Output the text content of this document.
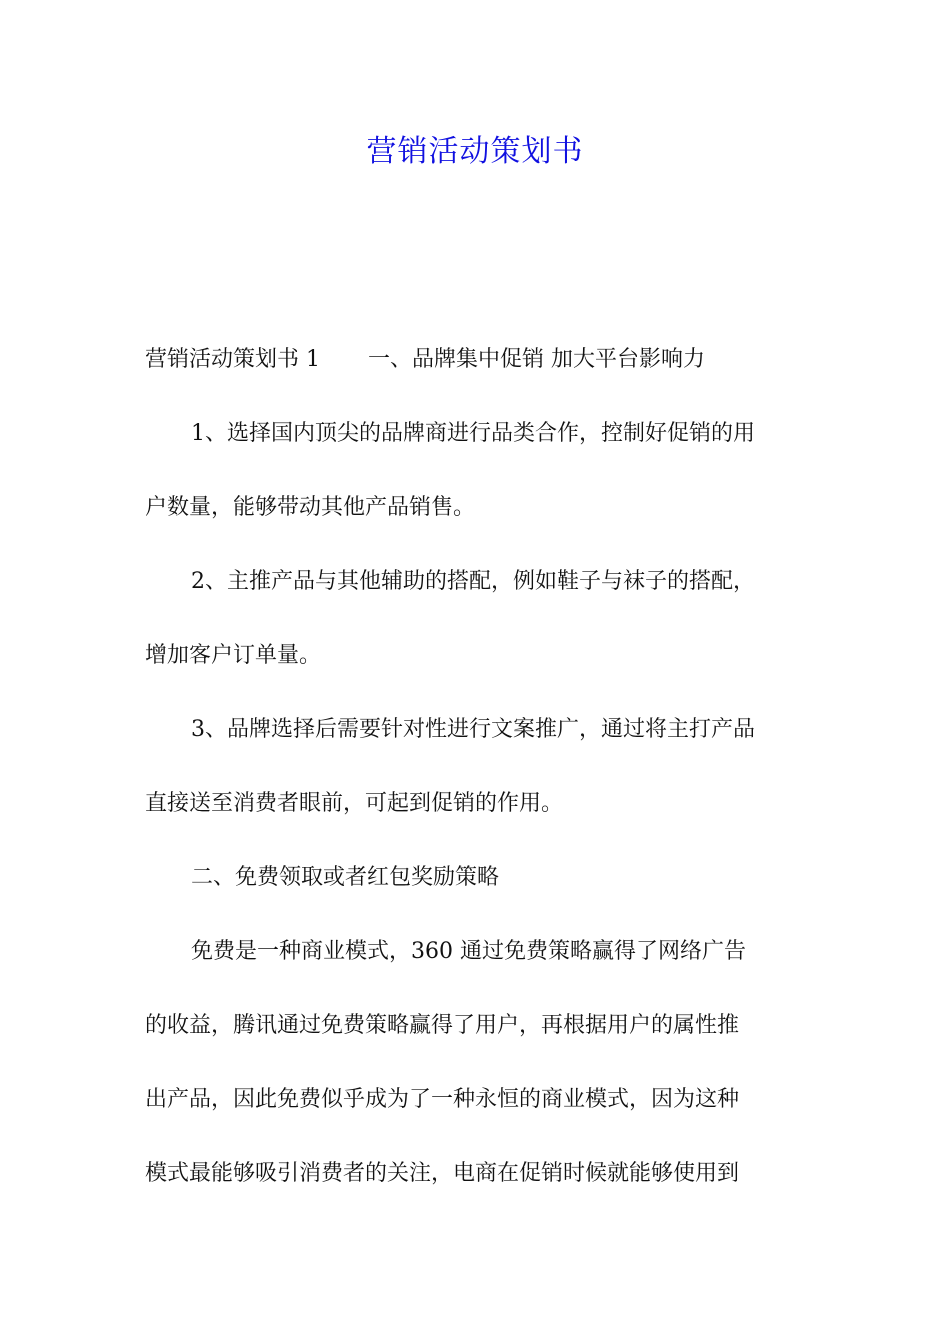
营销活动策划书
营销活动策划书 1 一、品牌集中促销 加大平台影响力
1、选择国内顶尖的品牌商进行品类合作，控制好促销的用
户数量，能够带动其他产品销售。
2、主推产品与其他辅助的搭配，例如鞋子与袜子的搭配，
增加客户订单量。
3、品牌选择后需要针对性进行文案推广，通过将主打产品
直接送至消费者眼前，可起到促销的作用。
二、免费领取或者红包奖励策略
免费是一种商业模式，360 通过免费策略赢得了网络广告
的收益，腾讯通过免费策略赢得了用户，再根据用户的属性推
出产品，因此免费似乎成为了一种永恒的商业模式，因为这种
模式最能够吸引消费者的关注，电商在促销时候就能够使用到
